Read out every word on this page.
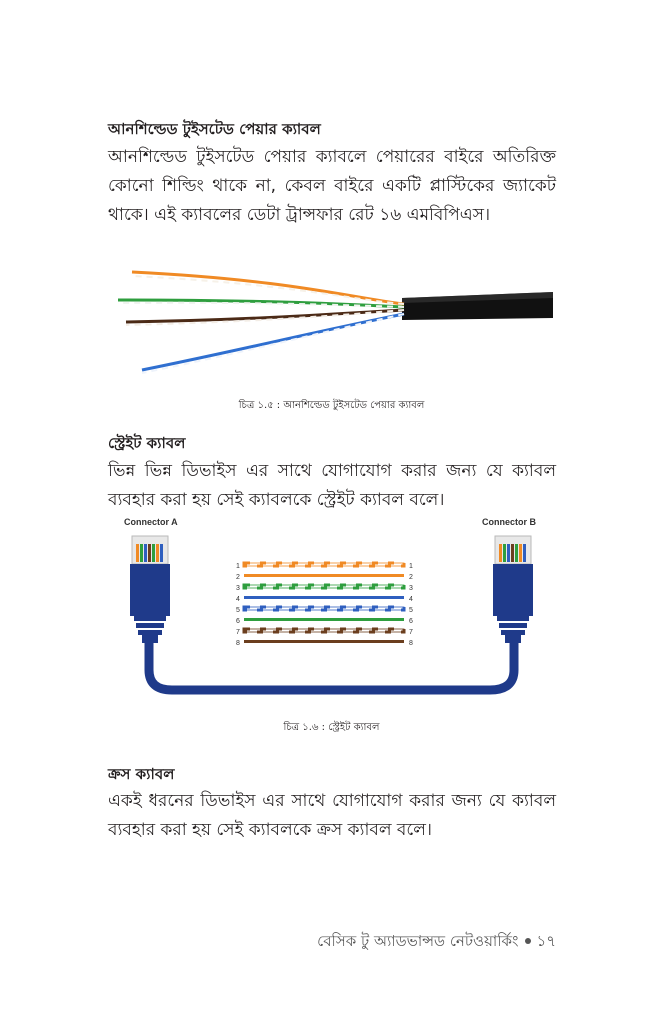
আনশিল্ডেড টুইসটেড পেয়ার ক্যাবল

আনশিল্ডেড টুইসটেড পেয়ার ক্যাবলে পেয়ারের বাইরে অতিরিক্ত কোনো শিল্ডিং থাকে না, কেবল বাইরে একটি প্লাস্টিকের জ্যাকেট থাকে। এই ক্যাবলের ডেটা ট্রান্সফার রেট ১৬ এমবিপিএস।

চিত্র ১.৫ : আনশিল্ডেড টুইসটেড পেয়ার ক্যাবল

স্ট্রেইট ক্যাবল

ভিন্ন ভিন্ন ডিভাইস এর সাথে যোগাযোগ করার জন্য যে ক্যাবল ব্যবহার করা হয় সেই ক্যাবলকে স্ট্রেইট ক্যাবল বলে।

Connector A	Connector B

1
2
3
4
5
6
7
8
1
2
3
4
5
6
7
8

চিত্র ১.৬ : স্ট্রেইট ক্যাবল

ক্রস ক্যাবল

একই ধরনের ডিভাইস এর সাথে যোগাযোগ করার জন্য যে ক্যাবল ব্যবহার করা হয় সেই ক্যাবলকে ক্রস ক্যাবল বলে।

বেসিক টু অ্যাডভান্সড নেটওয়ার্কিং ১৭
